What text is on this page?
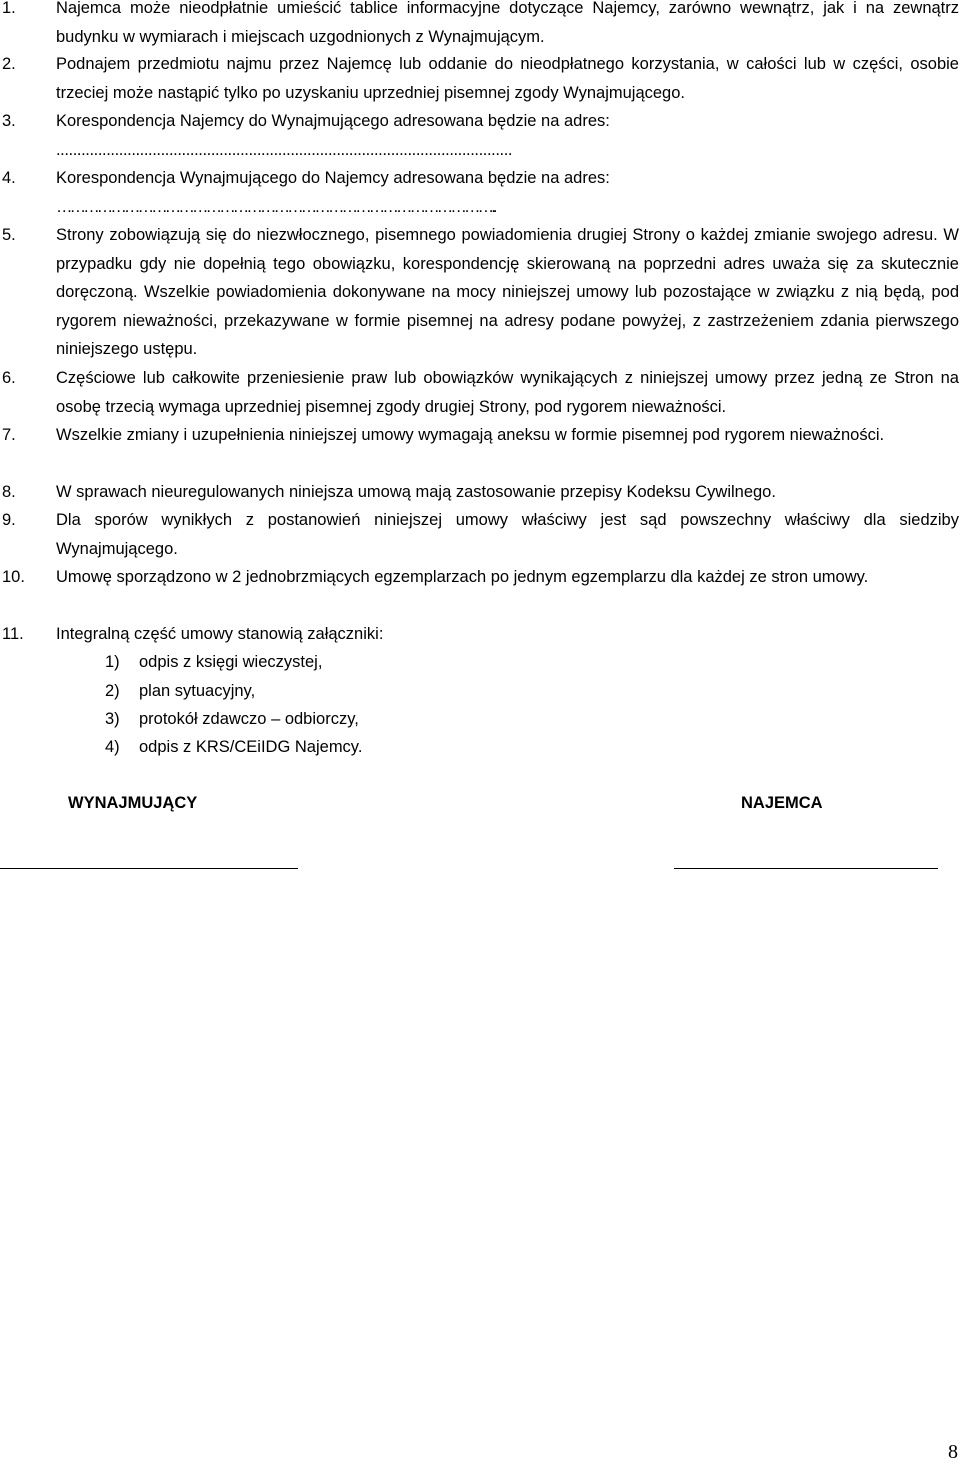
1. Najemca może nieodpłatnie umieścić tablice informacyjne dotyczące Najemcy, zarówno wewnątrz, jak i na zewnątrz budynku w wymiarach i miejscach uzgodnionych z Wynajmującym.
2. Podnajem przedmiotu najmu przez Najemcę lub oddanie do nieodpłatnego korzystania, w całości lub w części, osobie trzeciej może nastąpić tylko po uzyskaniu uprzedniej pisemnej zgody Wynajmującego.
3. Korespondencja Najemcy do Wynajmującego adresowana będzie na adres:
.............................................................................................................
4. Korespondencja Wynajmującego do Najemcy adresowana będzie na adres:
……………………………………………………………………………………..
5. Strony zobowiązują się do niezwłocznego, pisemnego powiadomienia drugiej Strony o każdej zmianie swojego adresu. W przypadku gdy nie dopełnią tego obowiązku, korespondencję skierowaną na poprzedni adres uważa się za skutecznie doręczoną. Wszelkie powiadomienia dokonywane na mocy niniejszej umowy lub pozostające w związku z nią będą, pod rygorem nieważności, przekazywane w formie pisemnej na adresy podane powyżej, z zastrzeżeniem zdania pierwszego niniejszego ustępu.
6. Częściowe lub całkowite przeniesienie praw lub obowiązków wynikających z niniejszej umowy przez jedną ze Stron na osobę trzecią wymaga uprzedniej pisemnej zgody drugiej Strony, pod rygorem nieważności.
7. Wszelkie zmiany i uzupełnienia niniejszej umowy wymagają aneksu w formie pisemnej pod rygorem nieważności.
8. W sprawach nieuregulowanych niniejsza umową mają zastosowanie przepisy Kodeksu Cywilnego.
9. Dla sporów wynikłych z postanowień niniejszej umowy właściwy jest sąd powszechny właściwy dla siedziby Wynajmującego.
10. Umowę sporządzono w 2 jednobrzmiących egzemplarzach po jednym egzemplarzu dla każdej ze stron umowy.
11. Integralną część umowy stanowią załączniki:
1) odpis z księgi wieczystej,
2) plan sytuacyjny,
3) protokół zdawczo – odbiorczy,
4) odpis z KRS/CEiIDG Najemcy.
WYNAJMUJĄCY	NAJEMCA
8
